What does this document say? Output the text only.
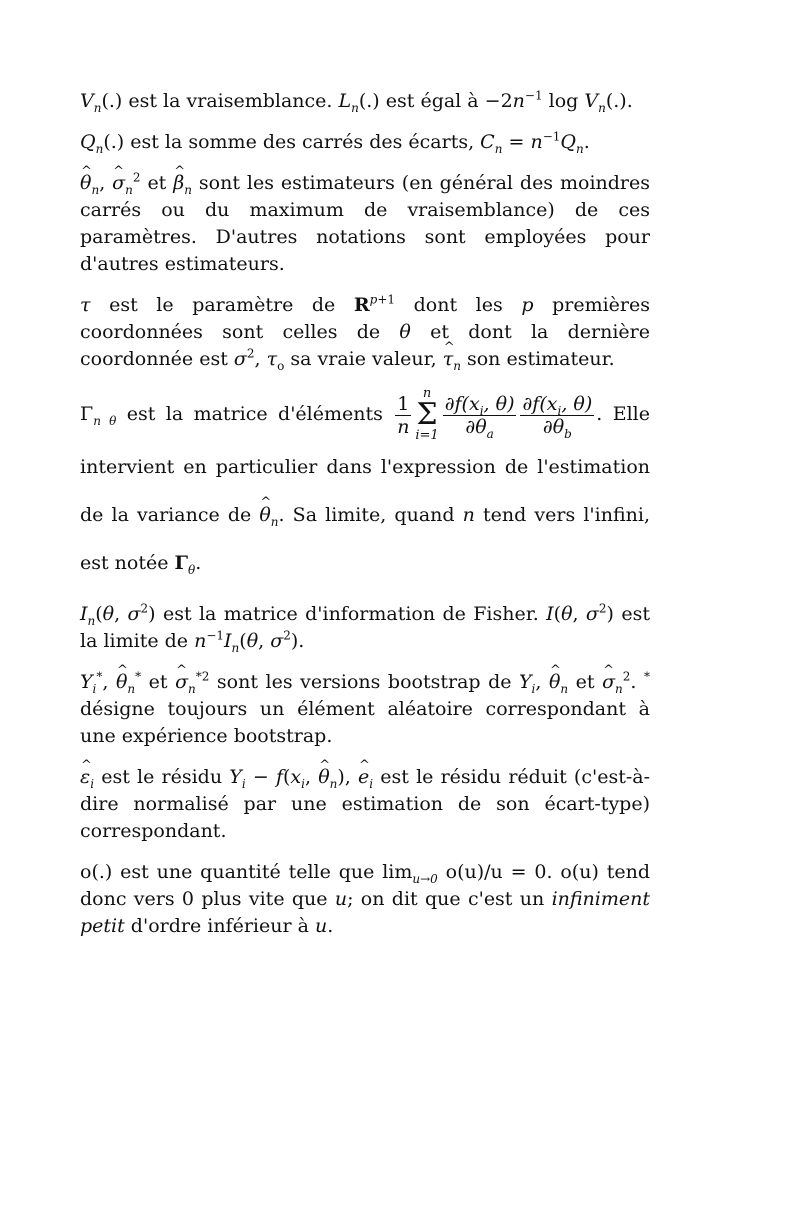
$V_n(.)$ est la vraisemblance. $L_n(.)$ est égal à $-2n^{-1}$ $\log V_n(.)$.

$Q_n(.)$ est la somme des carrés des écarts, $C_n = n^{-1}Q_n$.

^ $\theta_n$, ^ $\sigma_n^2$ et ^ $\beta_n$ sont les estimateurs (en général des moindres carrés ou du maximum de vraisemblance) de ces paramètres. D'autres notations sont employées pour d'autres estimateurs.

τ est le paramètre de $R^{p+1}$ dont les p premières coordonnées sont celles de θ et dont la dernière coordonnée est $\sigma^2$, $\tau_o$ sa vraie valeur, ^ $\tau_n$ son estimateur.

$\Gamma_{n \theta}$ est la matrice d'éléments $\frac{1}{n}$ n
Σ
$i=1 \frac{\partial f(x_i, \theta)}{\partial\theta_a} \frac{\partial f(x_i, \theta)}{\partial\theta_b}$ . Elle intervient en particulier dans l'expression de l'estimation de la variance de ^ $\theta_n$. Sa limite, quand n tend vers l'infini, est notée $\Gamma_\theta$.

$I_n(\theta$, $\sigma^2$) est la matrice d'information de Fisher. I(θ, $\sigma^2$) est la limite de $n^{-1}I_n(\theta$, $\sigma^2$).

$Y_i^*$, ^ $\theta_n^*$ et ^ $\sigma_n^{*2}$ sont les versions bootstrap de $Y_i$, ^ $\theta_n$ et ^ $\sigma_n^2$. * désigne toujours un élément aléatoire correspondant à une expérience bootstrap.

^ $\varepsilon_i$ est le résidu $Y_i - f(x_i$, ^ $\theta_n$), ^ $e_i$ est le résidu réduit (c'est-à-dire normalisé par une estimation de son écart-type) correspondant.

o(.) est une quantité telle que $\lim_{u\to 0} o(u)/u = 0$. o(u) tend donc vers 0 plus vite que u; on dit que c'est un infiniment petit d'ordre inférieur à u.
